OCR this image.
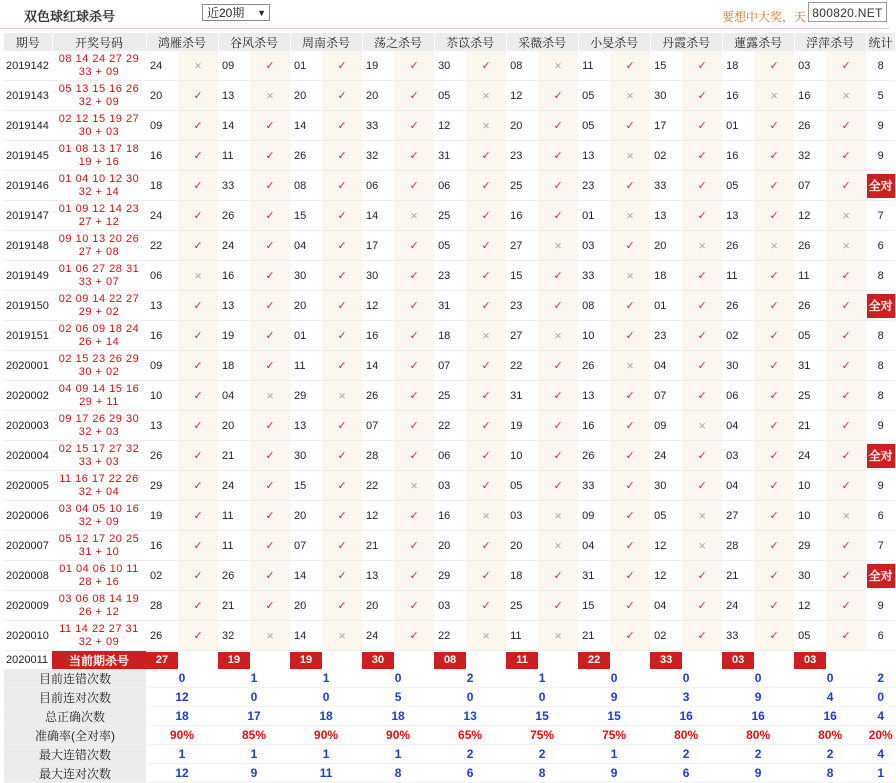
双色球红球杀号	近20期 ▼	要想中大奖，天 800820.NET
期号	开奖号码	鸿雁杀号		谷风杀号		周南杀号		荡之杀号		苶苡杀号		采薇杀号		小旻杀号		丹霞杀号		蓮露杀号		浮萍杀号		统计
2019142	08 14 24 27 29
33 + 09	24	×	09	✓	01	✓	19	✓	30	✓	08	×	11	✓	15	✓	18	✓	03	✓	8
2019143	05 13 15 16 26
32 + 09	20	✓	13	×	20	✓	20	✓	05	×	12	✓	05	×	30	✓	16	×	16	×	5
2019144	02 12 15 19 27
30 + 03	09	✓	14	✓	14	✓	33	✓	12	×	20	✓	05	✓	17	✓	01	✓	26	✓	9
2019145	01 08 13 17 18
19 + 16	16	✓	11	✓	26	✓	32	✓	31	✓	23	✓	13	×	02	✓	16	✓	32	✓	9
2019146	01 04 10 12 30
32 + 14	18	✓	33	✓	08	✓	06	✓	06	✓	25	✓	23	✓	33	✓	05	✓	07	✓	全对
2019147	01 09 12 14 23
27 + 12	24	✓	26	✓	15	✓	14	×	25	✓	16	✓	01	×	13	✓	13	✓	12	×	7
2019148	09 10 13 20 26
27 + 08	22	✓	24	✓	04	✓	17	✓	05	✓	27	×	03	✓	20	×	26	×	26	×	6
2019149	01 06 27 28 31
33 + 07	06	×	16	✓	30	✓	30	✓	23	✓	15	✓	33	×	18	✓	11	✓	11	✓	8
2019150	02 09 14 22 27
29 + 02	13	✓	13	✓	20	✓	12	✓	31	✓	23	✓	08	✓	01	✓	26	✓	26	✓	全对
2019151	02 06 09 18 24
26 + 14	16	✓	19	✓	01	✓	16	✓	18	×	27	×	10	✓	23	✓	02	✓	05	✓	8
2020001	02 15 23 26 29
30 + 02	09	✓	18	✓	11	✓	14	✓	07	✓	22	✓	26	×	04	✓	30	✓	31	✓	8
2020002	04 09 14 15 16
29 + 11	10	✓	04	×	29	×	26	✓	25	✓	31	✓	13	✓	07	✓	06	✓	25	✓	8
2020003	09 17 26 29 30
32 + 03	13	✓	20	✓	13	✓	07	✓	22	✓	19	✓	16	✓	09	×	04	✓	21	✓	9
2020004	02 15 17 27 32
33 + 03	26	✓	21	✓	30	✓	28	✓	06	✓	10	✓	26	✓	24	✓	03	✓	24	✓	全对
2020005	11 16 17 22 26
32 + 04	29	✓	24	✓	15	✓	22	×	03	✓	05	✓	33	✓	30	✓	04	✓	10	✓	9
2020006	03 04 05 10 16
32 + 09	19	✓	11	✓	20	✓	12	✓	16	×	03	×	09	✓	05	×	27	✓	10	×	6
2020007	05 12 17 20 25
31 + 10	16	✓	11	✓	07	✓	21	✓	20	✓	20	×	04	✓	12	×	28	✓	29	✓	7
2020008	01 04 06 10 11
28 + 16	02	✓	26	✓	14	✓	13	✓	29	✓	18	✓	31	✓	12	✓	21	✓	30	✓	全对
2020009	03 06 08 14 19
26 + 12	28	✓	21	✓	20	✓	20	✓	03	✓	25	✓	15	✓	04	✓	24	✓	12	✓	9
2020010	11 14 22 27 31
32 + 09	26	✓	32	×	14	×	24	✓	22	×	11	×	21	✓	02	✓	33	✓	05	✓	6
2020011	当前期杀号	27		19		19		30		08		11		22		33		03		03		
目前连错次数		0		1		1		0		2		1		0		0		0		0		2
目前连对次数		12		0		0		5		0		0		9		3		9		4		0
总正确次数		18		17		18		18		13		15		15		16		16		16		4
准确率(全对率)		90%		85%		90%		90%		65%		75%		75%		80%		80%		80%		20%
最大连错次数		1		1		1		1		2		2		1		2		2		2		4
最大连对次数		12		9		11		8		6		8		9		6		9		8		1
